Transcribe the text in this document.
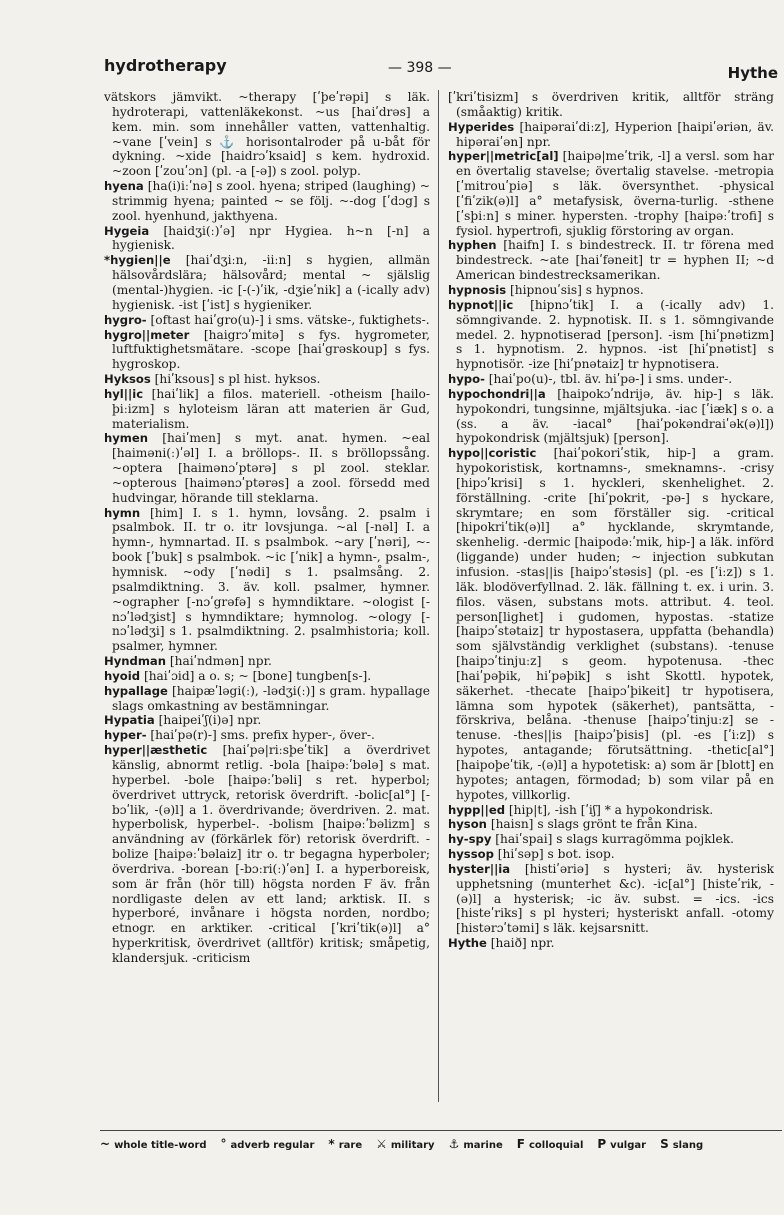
hydrotherapy	— 398 —	Hythe

vätskors jämvikt. ~therapy [ʹþeʹrəpi] s läk. hydroterapi, vattenläkekonst. ~us [haiʹdrəs] a kem. min. som innehåller vatten, vattenhaltig. ~vane [ʹvein] s ⚓ horisontalroder på u-båt för dykning. ~xide [haidrɔʹksaid] s kem. hydroxid. ~zoon [ʹzouʹɔn] (pl. -a [-ə]) s zool. polyp.

hyena [ha(i)iːʹnə] s zool. hyena; striped (laughing) ~ strimmig hyena; painted ~ se följ. ~-dog [ʹdɔg] s zool. hyenhund, jakthyena.

Hygeia [haidʒi(ː)ʹə] npr Hygiea. h~n [-n] a hygienisk.

*hygien||e [haiʹdʒiːn, -iiːn] s hygien, allmän hälsovårdslära; hälsovård; mental ~ själslig (mental-)hygien. -ic [-(-)ʹik, -dʒieʹnik] a (-ically adv) hygienisk. -ist [ʹist] s hygieniker.

hygro- [oftast haiʹgro(u)-] i sms. vätske-, fuktighets-.

hygro||meter [haigrɔʹmitə] s fys. hygrometer, luftfuktighetsmätare. -scope [haiʹgrəskoup] s fys. hygroskop.

Hyksos [hiʹksous] s pl hist. hyksos.

hyl||ic [haiʹlik] a filos. materiell. -otheism [hailo-þiːizm] s hyloteism läran att materien är Gud, materialism.

hymen [haiʹmen] s myt. anat. hymen. ~eal [haiməni(ː)ʹəl] I. a bröllops-. II. s bröllopssång. ~optera [haimənɔʹptərə] s pl zool. steklar. ~opterous [haimənɔʹptərəs] a zool. försedd med hudvingar, hörande till steklarna.

hymn [him] I. s 1. hymn, lovsång. 2. psalm i psalmbok. II. tr o. itr lovsjunga. ~al [-nəl] I. a hymn-, hymnartad. II. s psalmbok. ~ary [ʹnəri], ~-book [ʹbuk] s psalmbok. ~ic [ʹnik] a hymn-, psalm-, hymnisk. ~ody [ʹnədi] s 1. psalmsång. 2. psalmdiktning. 3. äv. koll. psalmer, hymner. ~ographer [-nɔʹgrəfə] s hymndiktare. ~ologist [-nɔʹlədʒist] s hymndiktare; hymnolog. ~ology [-nɔʹlədʒi] s 1. psalmdiktning. 2. psalmhistoria; koll. psalmer, hymner.

Hyndman [haiʹndmən] npr.

hyoid [haiʹɔid] a o. s; ~ [bone] tungben[s-].

hypallage [haipæʹləgi(ː), -lədʒi(ː)] s gram. hypallage slags omkastning av bestämningar.

Hypatia [haipeiʹʃ(i)ə] npr.

hyper- [haiʹpə(r)-] sms. prefix hyper-, över-.

hyper||æsthetic [haiʹpə|riːsþeʹtik] a överdrivet känslig, abnormt retlig. -bola [haipəːʹbələ] s mat. hyperbel. -bole [haipəːʹbəli] s ret. hyperbol; överdrivet uttryck, retorisk överdrift. -bolic[al°] [-bɔʹlik, -(ə)l] a 1. överdrivande; överdriven. 2. mat. hyperbolisk, hyperbel-. -bolism [haipəːʹbəlizm] s användning av (förkärlek för) retorisk överdrift. -bolize [haipəːʹbəlaiz] itr o. tr begagna hyperboler; överdriva. -borean [-bɔːri(ː)ʹən] I. a hyperboreisk, som är från (hör till) högsta norden F äv. från nordligaste delen av ett land; arktisk. II. s hyperboré, invånare i högsta norden, nordbo; etnogr. en arktiker. -critical [ʹkriʹtik(ə)l] a° hyperkritisk, överdrivet (alltför) kritisk; småpetig, klandersjuk. -criticism

[ʹkriʹtisizm] s överdriven kritik, alltför sträng (småaktig) kritik.

Hyperides [haipəraiʹdiːz], Hyperion [haipiʹəriən, äv. hipəraiʹən] npr.

hyper||metric[al] [haipə|meʹtrik, -l] a versl. som har en övertalig stavelse; övertalig stavelse. -metropia [ʹmitrouʹpiə] s läk. översynthet. -physical [ʹfiʹzik(ə)l] a° metafysisk, överna-turlig. -sthene [ʹsþiːn] s miner. hypersten. -trophy [haipəːʹtrofi] s fysiol. hypertrofi, sjuklig förstoring av organ.

hyphen [haifn] I. s bindestreck. II. tr förena med bindestreck. ~ate [haiʹfəneit] tr = hyphen II; ~d American bindestrecksamerikan.

hypnosis [hipnouʹsis] s hypnos.

hypnot||ic [hipnɔʹtik] I. a (-ically adv) 1. sömngivande. 2. hypnotisk. II. s 1. sömngivande medel. 2. hypnotiserad [person]. -ism [hiʹpnətizm] s 1. hypnotism. 2. hypnos. -ist [hiʹpnətist] s hypnotisör. -ize [hiʹpnətaiz] tr hypnotisera.

hypo- [haiʹpo(u)-, tbl. äv. hiʹpə-] i sms. under-.

hypochondri||a [haipokɔʹndrijə, äv. hip-] s läk. hypokondri, tungsinne, mjältsjuka. -iac [ʹiæk] s o. a (ss. a äv. -iacal° [haiʹpokəndraiʹək(ə)l]) hypokondrisk (mjältsjuk) [person].

hypo||coristic [haiʹpokoriʹstik, hip-] a gram. hypokoristisk, kortnamns-, smeknamns-. -crisy [hipɔʹkrisi] s 1. hyckleri, skenhelighet. 2. förställning. -crite [hiʹpokrit, -pə-] s hyckare, skrymtare; en som förställer sig. -critical [hipokriʹtik(ə)l] a° hycklande, skrymtande, skenhelig. -dermic [haipodəːʹmik, hip-] a läk. införd (liggande) under huden; ~ injection subkutan infusion. -stas||is [haipɔʹstəsis] (pl. -es [ʹiːz]) s 1. läk. blodöverfyllnad. 2. läk. fällning t. ex. i urin. 3. filos. väsen, substans mots. attribut. 4. teol. person[lighet] i gudomen, hypostas. -statize [haipɔʹstətaiz] tr hypostasera, uppfatta (behandla) som självständig verklighet (substans). -tenuse [haipɔʹtinjuːz] s geom. hypotenusa. -thec [haiʹpəþik, hiʹpəþik] s isht Skottl. hypotek, säkerhet. -thecate [haipɔʹþikeit] tr hypotisera, lämna som hypotek (säkerhet), pantsätta, -förskriva, belåna. -thenuse [haipɔʹtinjuːz] se -tenuse. -thes||is [haipɔʹþisis] (pl. -es [ʹiːz]) s hypotes, antagande; förutsättning. -thetic[al°] [haipoþeʹtik, -(ə)l] a hypotetisk: a) som är [blott] en hypotes; antagen, förmodad; b) som vilar på en hypotes, villkorlig.

hypp||ed [hip|t], -ish [ʹiʃ] * a hypokondrisk.

hyson [haisn] s slags grönt te från Kina.

hy-spy [haiʹspai] s slags kurragömma pojklek.

hyssop [hiʹsəp] s bot. isop.

hyster||ia [histiʹəriə] s hysteri; äv. hysterisk upphetsning (munterhet &c). -ic[al°] [histeʹrik, -(ə)l] a hysterisk; -ic äv. subst. = -ics. -ics [histeʹriks] s pl hysteri; hysteriskt anfall. -otomy [histərɔʹtəmi] s läk. kejsarsnitt.

Hythe [haið] npr.

~ whole title-word ° adverb regular * rare ⚔ military ⚓ marine F colloquial P vulgar S slang
